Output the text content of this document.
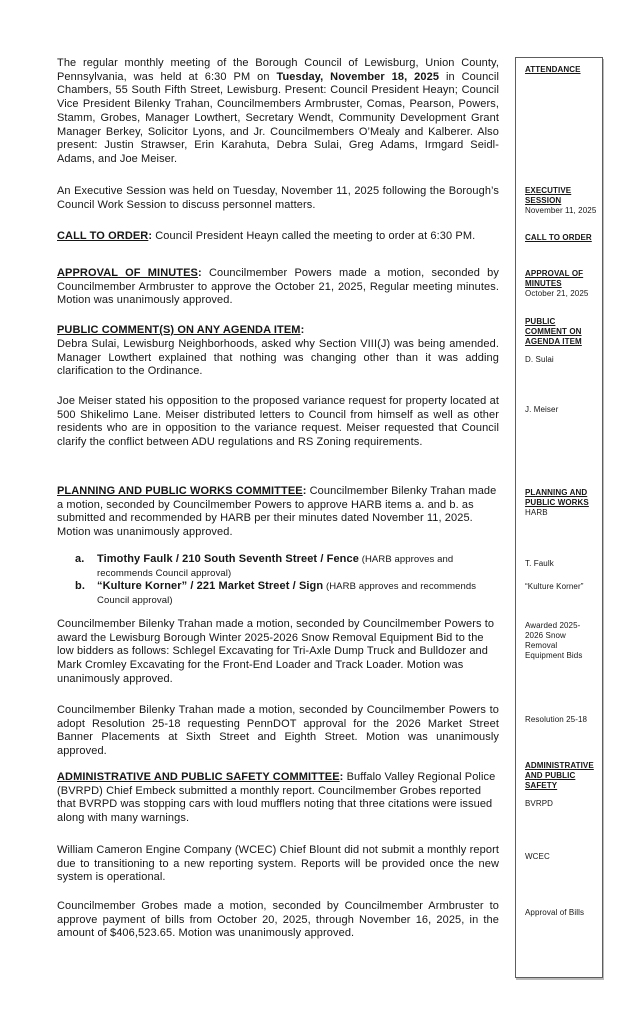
The regular monthly meeting of the Borough Council of Lewisburg, Union County, Pennsylvania, was held at 6:30 PM on Tuesday, November 18, 2025 in Council Chambers, 55 South Fifth Street, Lewisburg. Present: Council President Heayn; Council Vice President Bilenky Trahan, Councilmembers Armbruster, Comas, Pearson, Powers, Stamm, Grobes, Manager Lowthert, Secretary Wendt, Community Development Grant Manager Berkey, Solicitor Lyons, and Jr. Councilmembers O’Mealy and Kalberer. Also present: Justin Strawser, Erin Karahuta, Debra Sulai, Greg Adams, Irmgard Seidl-Adams, and Joe Meiser.
An Executive Session was held on Tuesday, November 11, 2025 following the Borough’s Council Work Session to discuss personnel matters.
CALL TO ORDER: Council President Heayn called the meeting to order at 6:30 PM.
APPROVAL OF MINUTES: Councilmember Powers made a motion, seconded by Councilmember Armbruster to approve the October 21, 2025, Regular meeting minutes. Motion was unanimously approved.
PUBLIC COMMENT(S) ON ANY AGENDA ITEM:
Debra Sulai, Lewisburg Neighborhoods, asked why Section VIII(J) was being amended. Manager Lowthert explained that nothing was changing other than it was adding clarification to the Ordinance.
Joe Meiser stated his opposition to the proposed variance request for property located at 500 Shikelimo Lane. Meiser distributed letters to Council from himself as well as other residents who are in opposition to the variance request. Meiser requested that Council clarify the conflict between ADU regulations and RS Zoning requirements.
PLANNING AND PUBLIC WORKS COMMITTEE: Councilmember Bilenky Trahan made a motion, seconded by Councilmember Powers to approve HARB items a. and b. as submitted and recommended by HARB per their minutes dated November 11, 2025. Motion was unanimously approved.
a.	Timothy Faulk / 210 South Seventh Street / Fence (HARB approves and recommends Council approval)
b.	“Kulture Korner” / 221 Market Street / Sign (HARB approves and recommends Council approval)
Councilmember Bilenky Trahan made a motion, seconded by Councilmember Powers to award the Lewisburg Borough Winter 2025-2026 Snow Removal Equipment Bid to the low bidders as follows: Schlegel Excavating for Tri-Axle Dump Truck and Bulldozer and Mark Cromley Excavating for the Front-End Loader and Track Loader. Motion was unanimously approved.
Councilmember Bilenky Trahan made a motion, seconded by Councilmember Powers to adopt Resolution 25-18 requesting PennDOT approval for the 2026 Market Street Banner Placements at Sixth Street and Eighth Street. Motion was unanimously approved.
ADMINISTRATIVE AND PUBLIC SAFETY COMMITTEE: Buffalo Valley Regional Police (BVRPD) Chief Embeck submitted a monthly report. Councilmember Grobes reported that BVRPD was stopping cars with loud mufflers noting that three citations were issued along with many warnings.
William Cameron Engine Company (WCEC) Chief Blount did not submit a monthly report due to transitioning to a new reporting system. Reports will be provided once the new system is operational.
Councilmember Grobes made a motion, seconded by Councilmember Armbruster to approve payment of bills from October 20, 2025, through November 16, 2025, in the amount of $406,523.65. Motion was unanimously approved.
ATTENDANCE
EXECUTIVE
SESSION
November 11, 2025
CALL TO ORDER
APPROVAL OF
MINUTES
October 21, 2025
PUBLIC
COMMENT ON
AGENDA ITEM
D. Sulai
J. Meiser
PLANNING AND
PUBLIC WORKS
HARB
T. Faulk
“Kulture Korner”
Awarded 2025-
2026 Snow
Removal
Equipment Bids
Resolution 25-18
ADMINISTRATIVE
AND PUBLIC
SAFETY
BVRPD
WCEC
Approval of Bills
